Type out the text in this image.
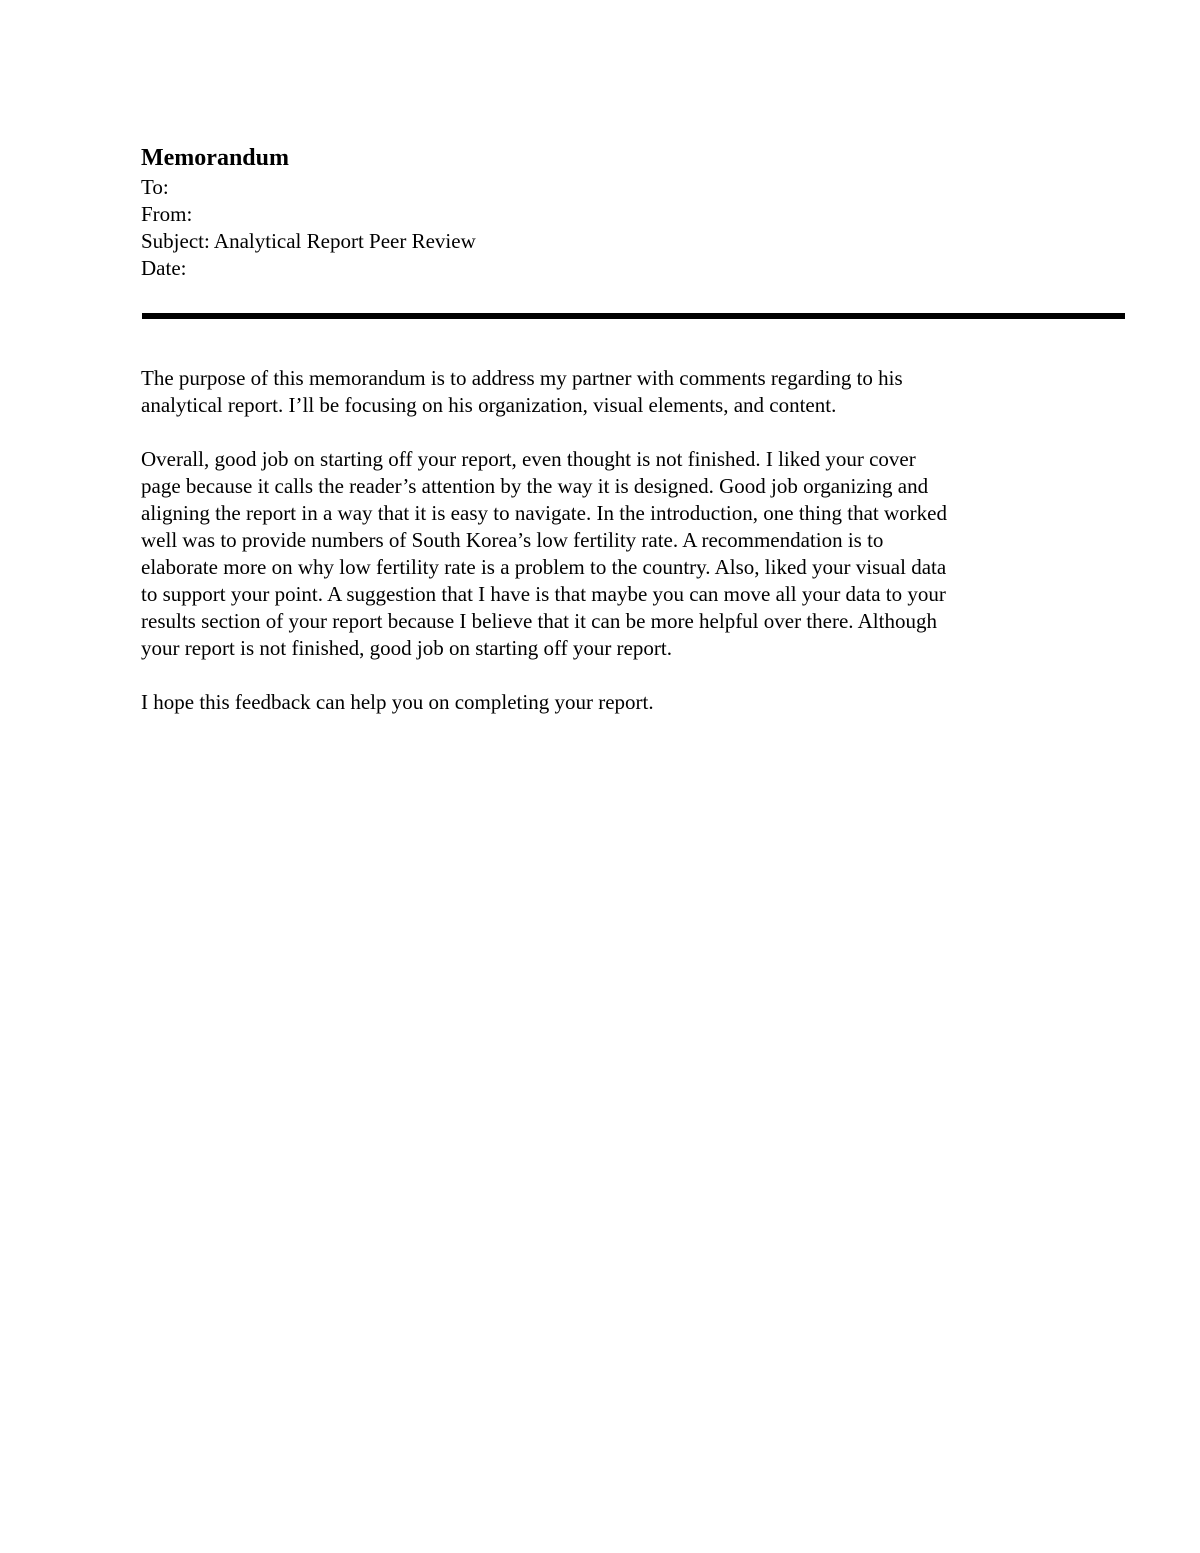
Memorandum
To:
From:
Subject: Analytical Report Peer Review
Date:

The purpose of this memorandum is to address my partner with comments regarding to his
analytical report. I’ll be focusing on his organization, visual elements, and content.

Overall, good job on starting off your report, even thought is not finished. I liked your cover
page because it calls the reader’s attention by the way it is designed. Good job organizing and
aligning the report in a way that it is easy to navigate. In the introduction, one thing that worked
well was to provide numbers of South Korea’s low fertility rate. A recommendation is to
elaborate more on why low fertility rate is a problem to the country. Also, liked your visual data
to support your point. A suggestion that I have is that maybe you can move all your data to your
results section of your report because I believe that it can be more helpful over there. Although
your report is not finished, good job on starting off your report.

I hope this feedback can help you on completing your report.
